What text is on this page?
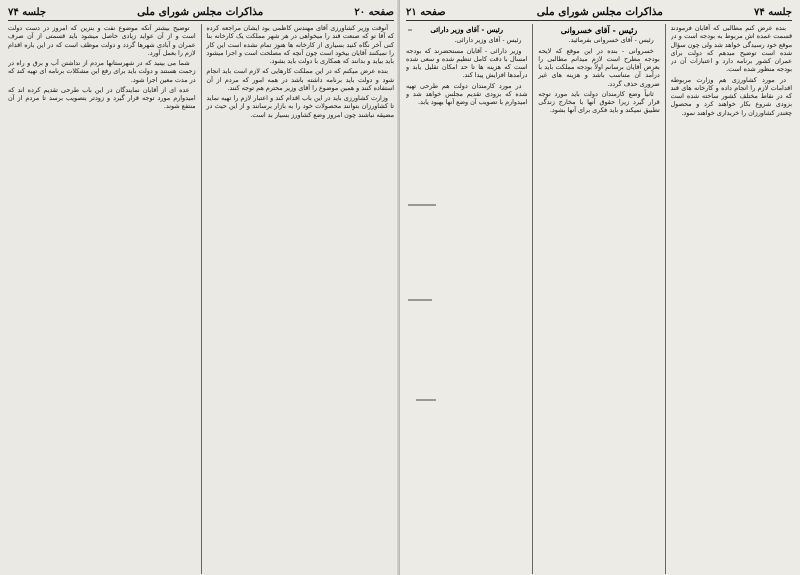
صفحه ۲۰
مذاکرات مجلس شورای ملی
جلسه ۷۴

آنوقت وزیر کشاورزی آقای مهندس کاظمی بود ایشان مراجعه کرده که آقا تو که صنعت قند را میخواهی در هر شهر مملکت یک کارخانه بنا کنی آخر نگاه کنید بسیاری از کارخانه ها هنوز تمام نشده است این کار را نمیکنند آقایان بیخود است چون آنچه که مصلحت است و اجرا میشود باید بیاید و بدانند که همکاری با دولت باید بشود.

بنده عرض میکنم که در این مملکت کارهایی که لازم است باید انجام شود و دولت باید برنامه داشته باشد در همه امور که مردم از آن استفاده کنند و همین موضوع را آقای وزیر محترم هم توجه کنند.

وزارت کشاورزی باید در این باب اقدام کند و اعتبار لازم را تهیه نماید تا کشاورزان بتوانند محصولات خود را به بازار برسانند و از این حیث در مضیقه نباشند چون امروز وضع کشاورز بسیار بد است.

توضیح بیشتر آنکه موضوع نفت و بنزین که امروز در دست دولت است و از آن عواید زیادی حاصل میشود باید قسمتی از آن صرف عمران و آبادی شهرها گردد و دولت موظف است که در این باره اقدام لازم را بعمل آورد.

شما می بینید که در شهرستانها مردم از نداشتن آب و برق و راه در زحمت هستند و دولت باید برای رفع این مشکلات برنامه ای تهیه کند که در مدت معین اجرا شود.

عده ای از آقایان نمایندگان در این باب طرحی تقدیم کرده اند که امیدوارم مورد توجه قرار گیرد و زودتر بتصویب برسد تا مردم از آن منتفع شوند.

جلسه ۷۴
مذاکرات مجلس شورای ملی
صفحه ۲۱

بنده عرض کنم مطالبی که آقایان فرمودند قسمت عمده اش مربوط به بودجه است و در موقع خود رسیدگی خواهد شد ولی چون سؤال شده است توضیح میدهم که دولت برای عمران کشور برنامه دارد و اعتبارات آن در بودجه منظور شده است.

در مورد کشاورزی هم وزارت مربوطه اقدامات لازم را انجام داده و کارخانه های قند که در نقاط مختلف کشور ساخته شده است بزودی شروع بکار خواهند کرد و محصول چغندر کشاورزان را خریداری خواهند نمود.

رئیس - آقای خسروانی

رئیس - آقای خسروانی بفرمائید.

خسروانی - بنده در این موقع که لایحه بودجه مطرح است لازم میدانم مطالبی را بعرض آقایان برسانم اولاً بودجه مملکت باید با درآمد آن متناسب باشد و هزینه های غیر ضروری حذف گردد.

ثانیاً وضع کارمندان دولت باید مورد توجه قرار گیرد زیرا حقوق آنها با مخارج زندگی تطبیق نمیکند و باید فکری برای آنها بشود.

رئیس - آقای وزیر دارائی

رئیس - آقای وزیر دارائی.

وزیر دارائی - آقایان مستحضرند که بودجه امسال با دقت کامل تنظیم شده و سعی شده است که هزینه ها تا حد امکان تقلیل یابد و درآمدها افزایش پیدا کند.

در مورد کارمندان دولت هم طرحی تهیه شده که بزودی تقدیم مجلس خواهد شد و امیدوارم با تصویب آن وضع آنها بهبود یابد.
